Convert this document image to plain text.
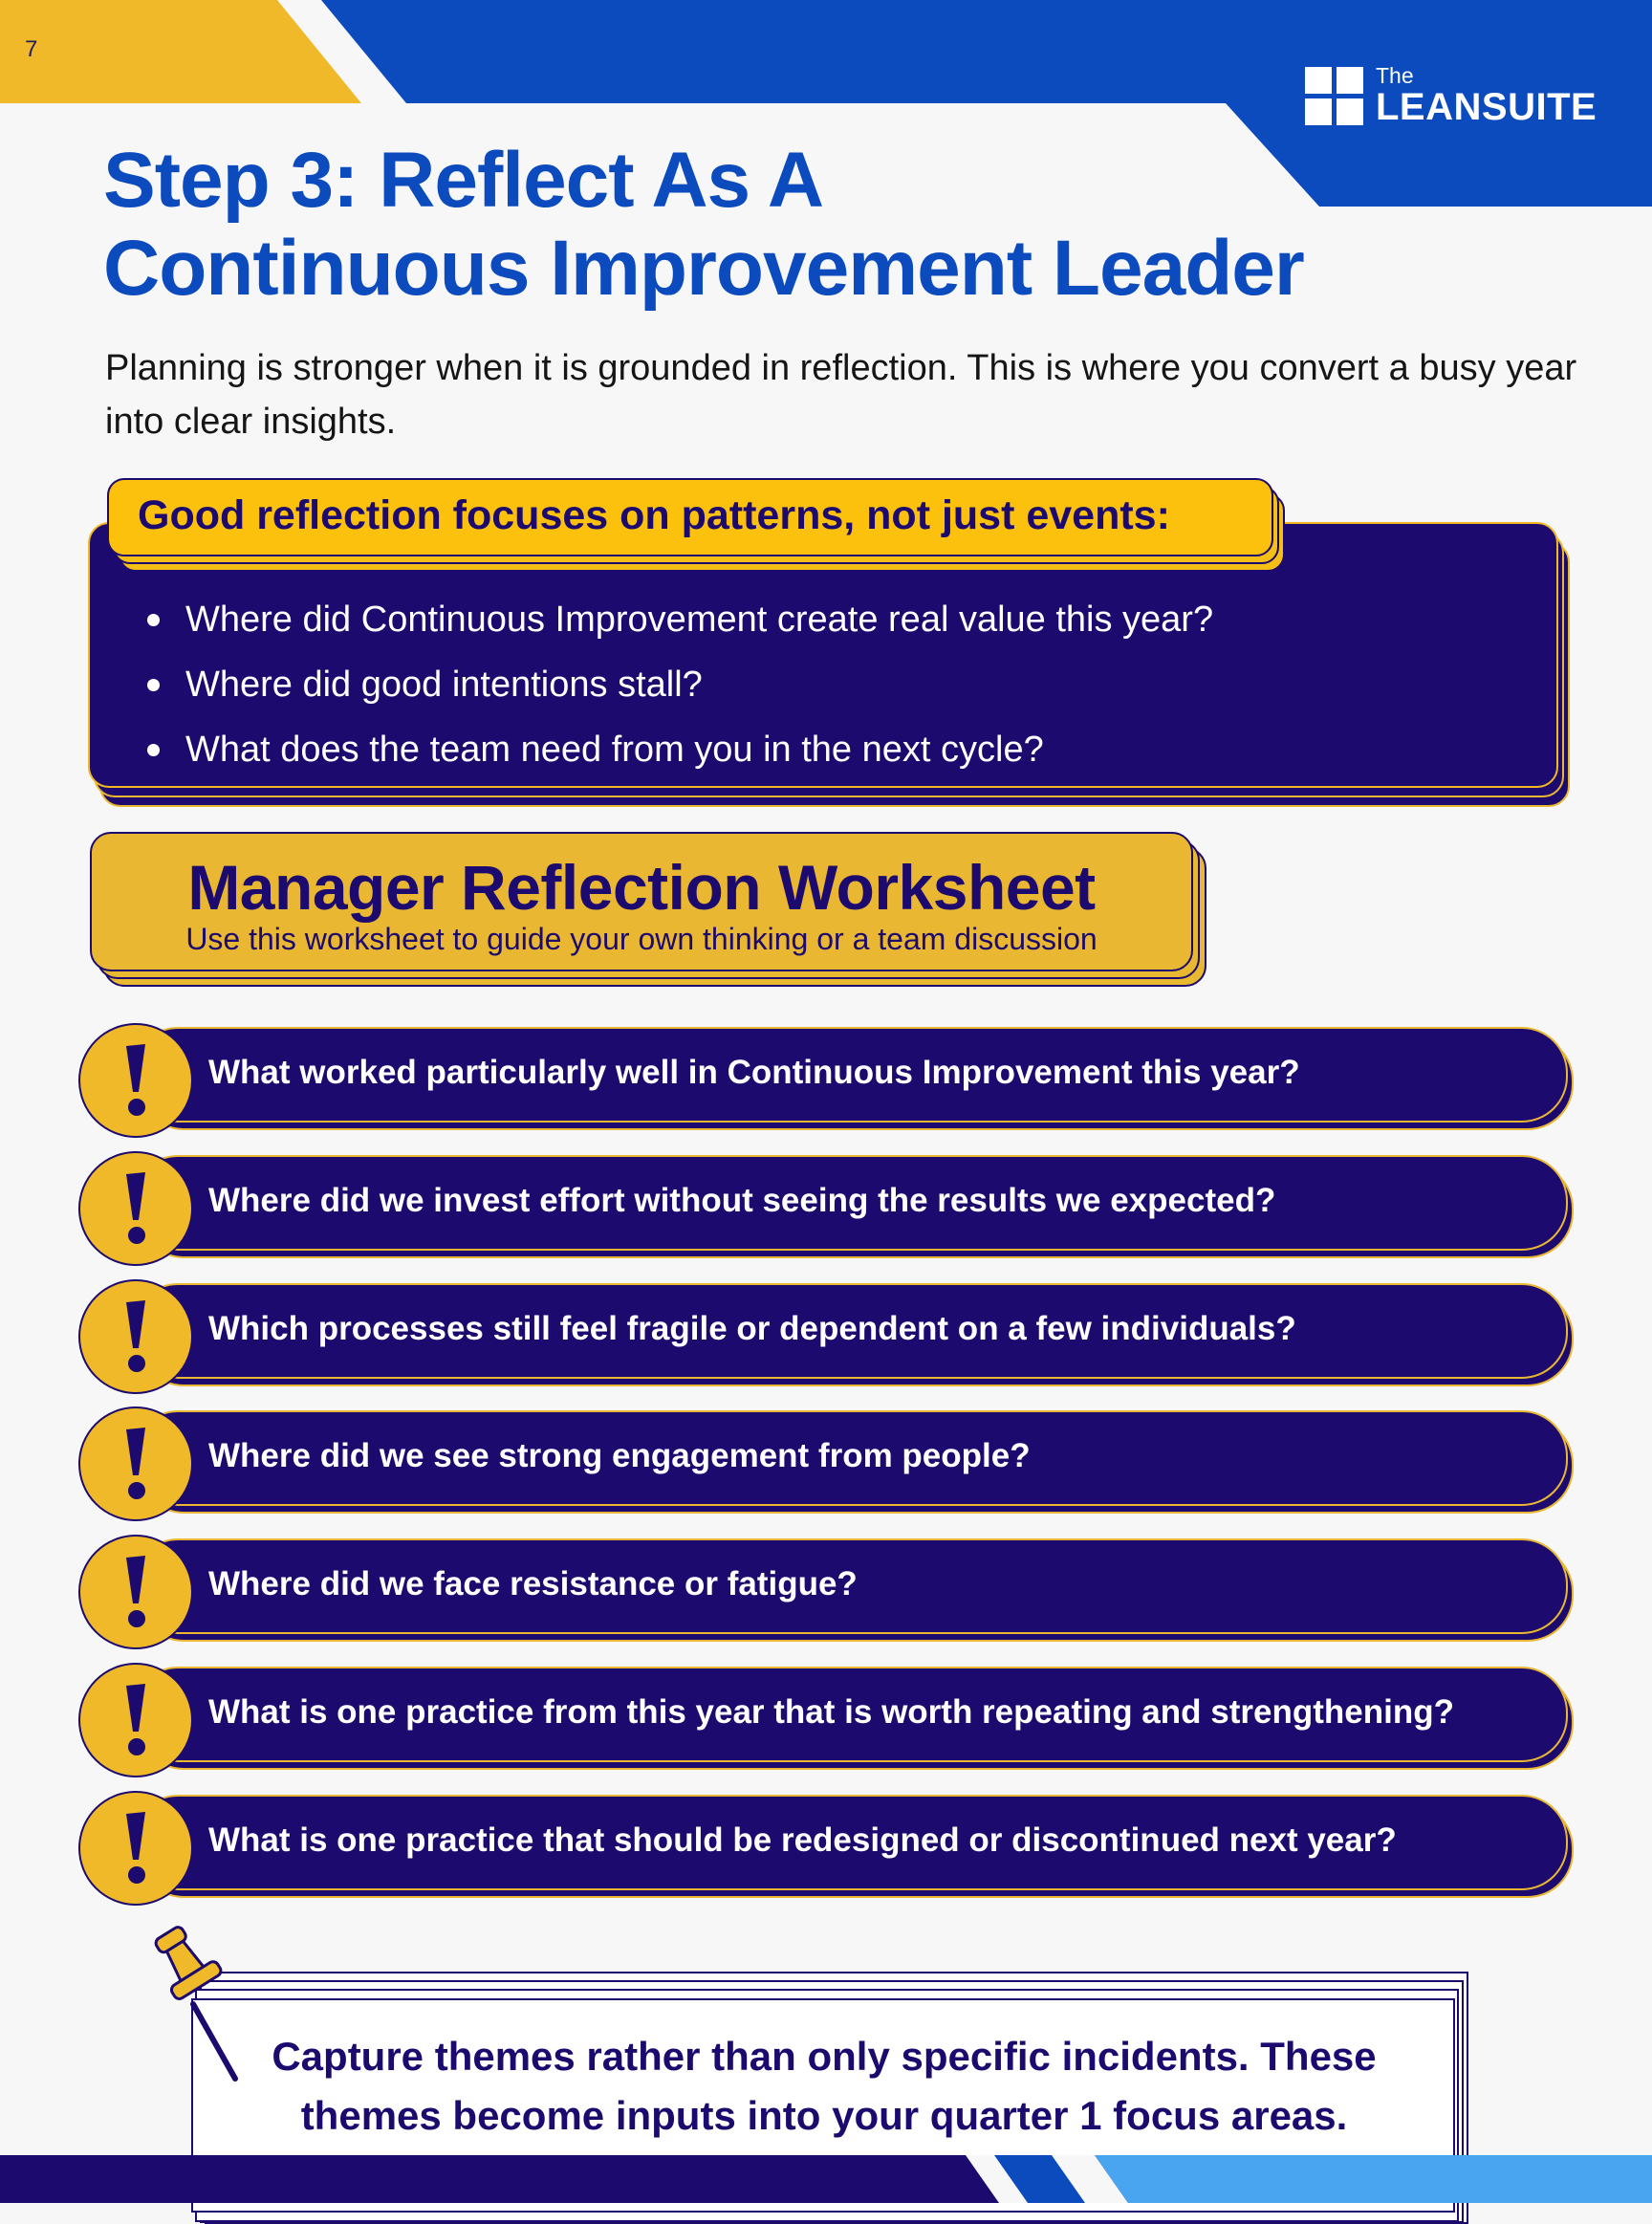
7
The
LEANSUITE
Step 3: Reflect As A
Continuous Improvement Leader
Planning is stronger when it is grounded in reflection. This is where you convert a busy year into clear insights.
Where did Continuous Improvement create real value this year?
Where did good intentions stall?
What does the team need from you in the next cycle?
Good reflection focuses on patterns, not just events:
Manager Reflection Worksheet
Use this worksheet to guide your own thinking or a team discussion
What worked particularly well in Continuous Improvement this year?
Where did we invest effort without seeing the results we expected?
Which processes still feel fragile or dependent on a few individuals?
Where did we see strong engagement from people?
Where did we face resistance or fatigue?
What is one practice from this year that is worth repeating and strengthening?
What is one practice that should be redesigned or discontinued next year?
Capture themes rather than only specific incidents. These themes become inputs into your quarter 1 focus areas.
